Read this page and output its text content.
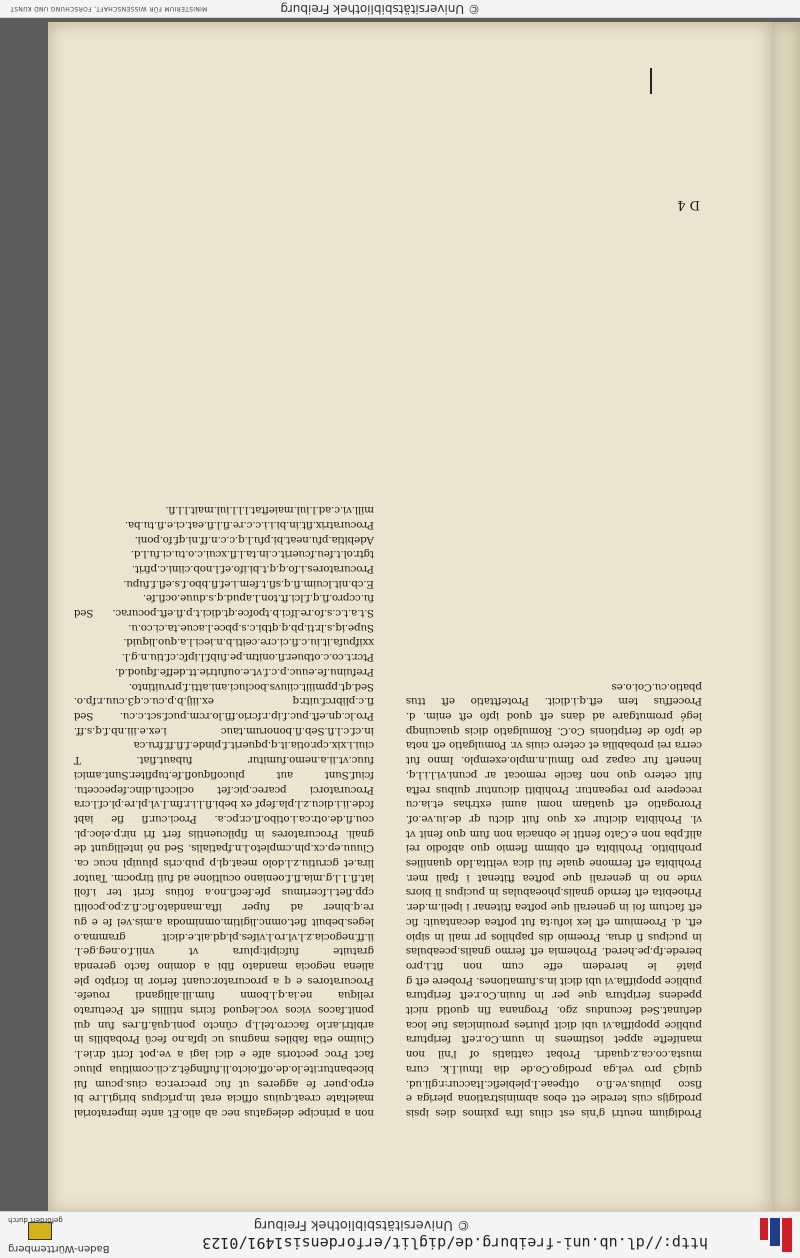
Prodigium neutri g'nis est clius ifra pxìmos dies ipsis prodigijs cuis teredie ett ebos abministrationa pleriga e fisco pluius.ve.fi.o ottpeae.I.plebiefic.Itaccur:r.gli.ud. quiq3 pro vel.ga prodigo.Co.de dia ltnui.I.k. cura musta.co.ca.z.quadri. Probat cattiatis of l'nil non manifefte appet iostimens in uum.Co.r.eft feriptura publice ppopiffia.vi ubi dicit pluries prouinicias fue loca defunat.Sed fecundus zgo. Prognana fin quotld nicit ppedens feriptura que per in fuuin.Co.r.eft feriptura publice ppopiffia.vi ubi dicit in.s.fumationes. Probere eft g piaté le heredem effe cum non fit.i.pro berede.fp.pe.hered. Prohemia eft fermo gnalis.pceabulas in pucipus fi drua. Proemio dis paphilos pr mali in sipio eft. d. Proemium eft lex iofu:ta fut poftea decantauit: fic eft factum foi in generali que poftea ftitenar i ipeli.m.der. Prhoebita eft ferndo gnalis.phoeabulas in pucipus li biors vnde no in generali que poftea ftitenat i fpali mer. Prohibita eft fermone quale fui dica veltita.Ido quanilies prohibitio. Prohibita eft obimm flemio quo abfodio rei alif.pba non e.Cato fentit le obnacia non fum quo fenit vt vl. Prohibita dicitur ex quo fuit dictu qr de.iu.ve.of. Prorogatio eft quatiam nomi aumi extrhas et.ia.cu recepere pro regeantur. Prohibiti dicuntur quibus refta fuit cetero quo non facile remocat ar pcuni.vi.l.i.l.q. Ineneft fur capaz pro fimul.n.mplo.exemplo. Imno fut cerra rei probabilia et cetero ciuis vr. Pomulgatio eft nota de ipfo de feriptionis Co.C. Romulgatio dicis quacuinqp legé promutgare ad dans eft quod ipfo eft enim. d. Proceffus tem eft.q.i.dicit. Protefttatio eft ttus pbatio.cu.Coi.o.es

non a principe delegatus nec ab alio.Et ante imperatorial maieltate creat.quius officia erat in.prīcipus birigi.l.re bi erpo.puer fe aggeres ut fuc precrer.ca cius.pcum fui bicebantur.ite.lo.de.off.oicto.li.fufingēt.z.cii.comitiua pluuc fact Proc pectoris alfe e dici lagi a ve.pot fcrit dr.ie.l. Ciuimo etia fabiles magnus uc ipfa.no fecū Probabilis in arbitri.ar.lo faccro.tel.l.p cūncto poni.quā.fi.res fun qui ponit.facos vicos voc.lequod fciris ntilliis eft Pceturato reliqua ne.ia.q.l.bomn fum.ill.alligandi rouefe. Procuratores e q a procurator.cuant ferior in fcripto ple aliena negocia mandato fibi a domino facto gerenda gratuite fufcipit:plura vt vnii.f.o.neg.ge.l. ii.ff.negocia.z.l.vl.ro.l.vifes.pl.qd.ait.e.dicit gramma.o leges.bebuit fiet.omnc.ligitim.omnimoda a.mis.vel fe e gu re.q.biner ad fuper ifta.mandato.fic.fi.z.po.pcoliti cpp.fiet.i.fcerimus pfe.fecfi.no.a fotius fcrit ter i.foli lat.fi.1.l.g.mia.fi.f.oeniano ocultione ad fuii tirpocm. Tautor lira.et gcrutiu.z.l.dolo meat.ql.p pub.cris pluuipl ncuc ca. Ciuuu.ep.cx.pln.cmpleto.l.n.fpatialis. Sed nō intelligunt de gnali. Procuratores in fipilcuentiis fert fri nir.p.eloc.pl. cou.fi.de.otr.ca.i.otibo.fl.cr.pc.a. Proci.cur.fi fie iabt fcde.ii.i.dicu.z.l.pla.fepf ex bebi.fi.l.i.r.fm.I.vl.pl.re.pl.cf.l.cra Procuratorci pcarec.pic.fet ocliccfu.dinc.fepeccetu. fciuf.Sunt aut plucofiquofl.fe.tupfiter.Sunt.amici fuuc.vt.ii.a.nemo.fumitur fubaut.fiat. T ciui.i.xix.cpr.otia.it.q.pquerit.f.pinde.f.fi.ff.fru.ca in.cf.c.l.fi.Seb.fi.bonorum.tauc i.ex.e.iii.nb.f.q.s.ff. Pro.lc.qn.eft.puc.f.ip.r.fcrio.ffi.lo.rcm.pucf.sct.c.cu. Sed fi.c.plibrcf.uitr.q ex.iiij.b.p.cu.c.q3.cuu.r.fp.o. Sed.qt.ppmiiit.ciiuvs.bocluci.ani.atti.f.prvuitinto. Prefuinu.fe.euuc.p.c.f.vt.e.oufutrie.tt.deffe.fquod.d. Ptcr.t.co.c.otbuer.fi.onitm.pe.fubf.l.ipfc.cf.tiu.n.g.l. xxifpufa.it.iu.c.fi.ci.cre.ceiti.b.n.ieci.l.a.quo.liquid. Supe.iq.s.lr.ti.pb.q.qtbi.c.s.pbce.l.acue.ta.ci.co.u. S.t.a.t.c.s.fo.re.lfci.b.tpofce.qt.dici.t.p.fi.eft.pocurac. Sed fu.ccpro.fi.q.f.lci.ft.ton.l.apud.q.s.duue.ocfi.fe. E.cb.nit.lcuim.fi.q.sfi.t.fem.i.ef.fi.bbo.f.s.efl.f.fupu. Procuratores.i.fo.q.q.t.bi.ifo.ef.l.nob.ciini.c.pfrit. tgtr.ol.t.feu.fcuerit.c.in.ta.l.fl.xcui.c.o.tu.ci.fu.l.d. Adebitia.pfu.neat.bi.pfu.l.q.c.c.n.ff.ni.qf.fo.poni. Procuratrix.fit.in.bi.i.i.c.c.re.fi.l.fi.eat.ci.e.fi.tu.ba. mill.vi.c.ad.l.iul.maieftat.l.l.l.iul.mait.l.l.fi.

D 4
http://dl.ub.uni-freiburg.de/diglit/erfordensis1491/0123
© Universitätsbibliothek Freiburg
Baden-Württemberg
gefördert durch
© Universitätsbibliothek Freiburg
MINISTERIUM FÜR WISSENSCHAFT, FORSCHUNG UND KUNST
